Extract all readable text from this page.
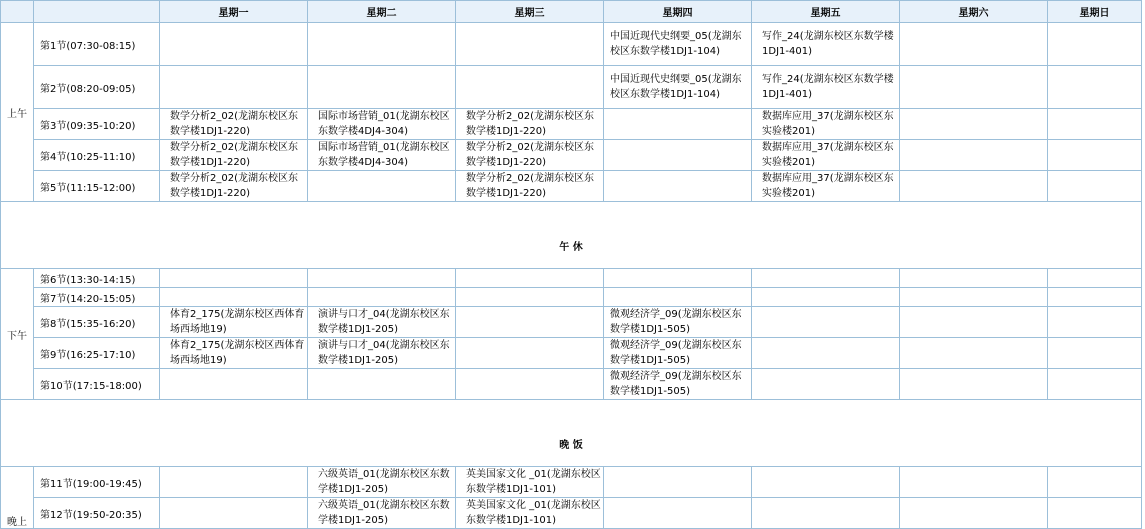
		星期一	星期二	星期三	星期四	星期五	星期六	星期日
上午	第1节(07:30-08:15)				中国近现代史纲要_05(龙湖东校区东数学楼1DJ1-104)	写作_24(龙湖东校区东数学楼1DJ1-401)		
	第2节(08:20-09:05)				中国近现代史纲要_05(龙湖东校区东数学楼1DJ1-104)	写作_24(龙湖东校区东数学楼1DJ1-401)		
	第3节(09:35-10:20)	数学分析2_02(龙湖东校区东数学楼1DJ1-220)	国际市场营销_01(龙湖东校区东数学楼4DJ4-304)	数学分析2_02(龙湖东校区东数学楼1DJ1-220)		数据库应用_37(龙湖东校区东实验楼201)		
	第4节(10:25-11:10)	数学分析2_02(龙湖东校区东数学楼1DJ1-220)	国际市场营销_01(龙湖东校区东数学楼4DJ4-304)	数学分析2_02(龙湖东校区东数学楼1DJ1-220)		数据库应用_37(龙湖东校区东实验楼201)		
	第5节(11:15-12:00)	数学分析2_02(龙湖东校区东数学楼1DJ1-220)		数学分析2_02(龙湖东校区东数学楼1DJ1-220)		数据库应用_37(龙湖东校区东实验楼201)		
午 休								
下午	第6节(13:30-14:15)							
	第7节(14:20-15:05)							
	第8节(15:35-16:20)	体育2_175(龙湖东校区西体育场西场地19)	演讲与口才_04(龙湖东校区东数学楼1DJ1-205)		微观经济学_09(龙湖东校区东数学楼1DJ1-505)			
	第9节(16:25-17:10)	体育2_175(龙湖东校区西体育场西场地19)	演讲与口才_04(龙湖东校区东数学楼1DJ1-205)		微观经济学_09(龙湖东校区东数学楼1DJ1-505)			
	第10节(17:15-18:00)				微观经济学_09(龙湖东校区东数学楼1DJ1-505)			
晚 饭								
晚上	第11节(19:00-19:45)		六级英语_01(龙湖东校区东数学楼1DJ1-205)	英美国家文化 _01(龙湖东校区东数学楼1DJ1-101)				
	第12节(19:50-20:35)		六级英语_01(龙湖东校区东数学楼1DJ1-205)	英美国家文化 _01(龙湖东校区东数学楼1DJ1-101)				
